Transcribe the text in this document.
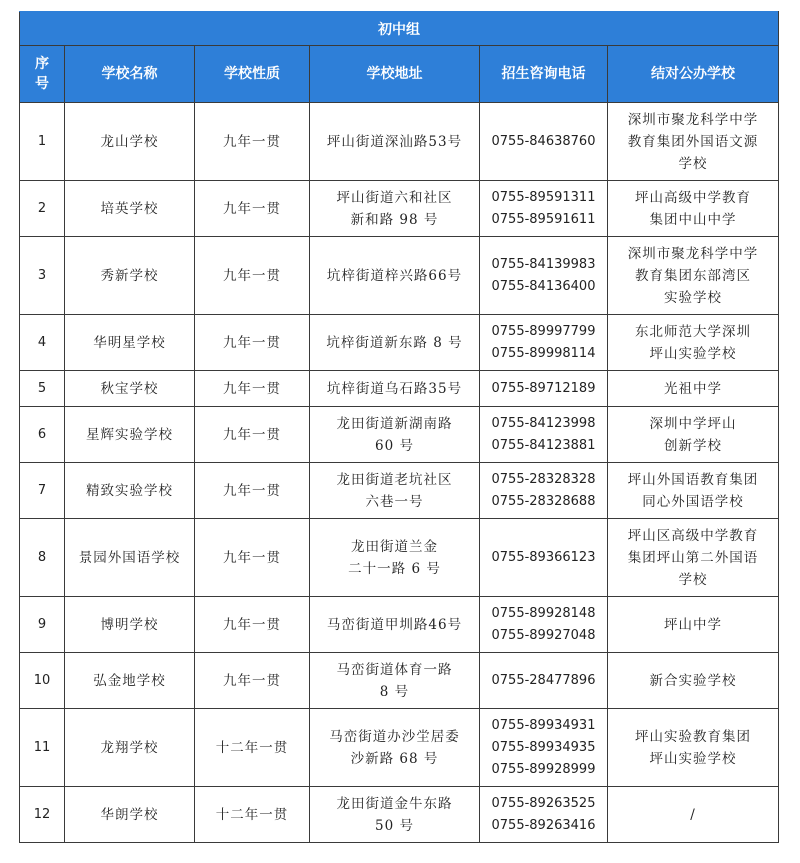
初中组					

序
号	学校名称	学校性质	学校地址	招生咨询电话	结对公办学校
1	龙山学校	九年一贯	坪山街道深汕路53号	0755-84638760	深圳市聚龙科学中学
教育集团外国语文源
学校

2	培英学校	九年一贯	坪山街道六和社区
新和路 98 号	0755-89591311
0755-89591611	坪山高级中学教育
集团中山中学

3	秀新学校	九年一贯	坑梓街道梓兴路66号	0755-84139983
0755-84136400	深圳市聚龙科学中学
教育集团东部湾区
实验学校

4	华明星学校	九年一贯	坑梓街道新东路 8 号	0755-89997799
0755-89998114	东北师范大学深圳
坪山实验学校

5	秋宝学校	九年一贯	坑梓街道乌石路35号	0755-89712189	光祖中学

6	星辉实验学校	九年一贯	龙田街道新湖南路
60 号	0755-84123998
0755-84123881	深圳中学坪山
创新学校

7	精致实验学校	九年一贯	龙田街道老坑社区
六巷一号	0755-28328328
0755-28328688	坪山外国语教育集团
同心外国语学校

8	景园外国语学校	九年一贯	龙田街道兰金
二十一路 6 号	0755-89366123	坪山区高级中学教育
集团坪山第二外国语
学校

9	博明学校	九年一贯	马峦街道甲圳路46号	0755-89928148
0755-89927048	坪山中学

10	弘金地学校	九年一贯	马峦街道体育一路
8 号	0755-28477896	新合实验学校

11	龙翔学校	十二年一贯	马峦街道办沙坣居委
沙新路 68 号	0755-89934931
0755-89934935
0755-89928999	坪山实验教育集团
坪山实验学校

12	华朗学校	十二年一贯	龙田街道金牛东路
50 号	0755-89263525
0755-89263416	/
